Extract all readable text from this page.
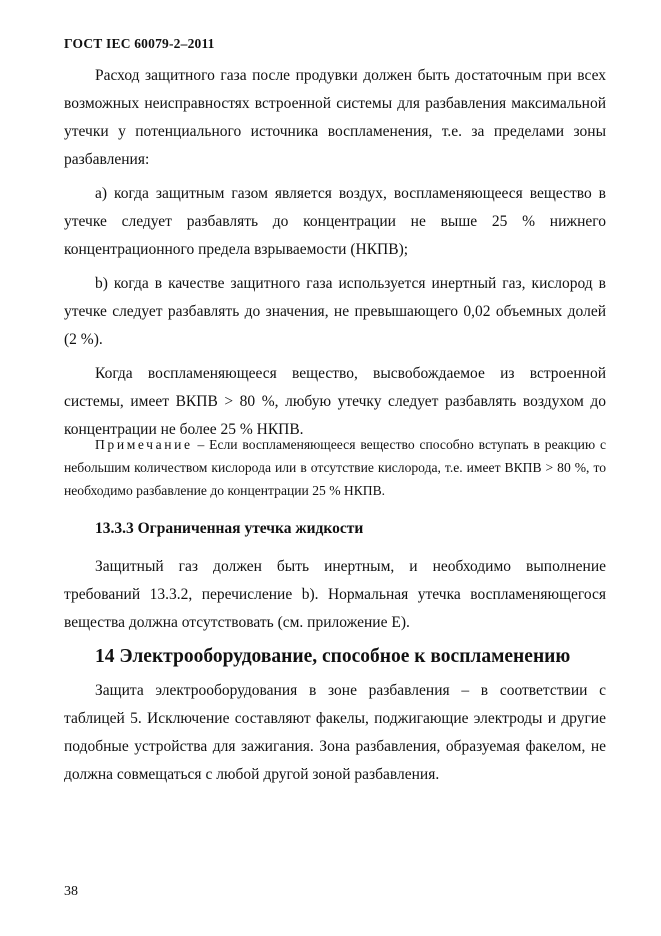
ГОСТ IEC 60079-2–2011

Расход защитного газа после продувки должен быть достаточным при всех возможных неисправностях встроенной системы для разбавления максимальной утечки у потенциального источника воспламенения, т.е. за пределами зоны разбавления:

а) когда защитным газом является воздух, воспламеняющееся вещество в утечке следует разбавлять до концентрации не выше 25 % нижнего концентрационного предела взрываемости (НКПВ);

b) когда в качестве защитного газа используется инертный газ, кислород в утечке следует разбавлять до значения, не превышающего 0,02 объемных долей (2 %).

Когда воспламеняющееся вещество, высвобождаемое из встроенной системы, имеет ВКПВ > 80 %, любую утечку следует разбавлять воздухом до концентрации не более 25 % НКПВ.

Примечание – Если воспламеняющееся вещество способно вступать в реакцию с небольшим количеством кислорода или в отсутствие кислорода, т.е. имеет ВКПВ > 80 %, то необходимо разбавление до концентрации 25 % НКПВ.

13.3.3 Ограниченная утечка жидкости

Защитный газ должен быть инертным, и необходимо выполнение требований 13.3.2, перечисление b). Нормальная утечка воспламеняющегося вещества должна отсутствовать (см. приложение Е).

14 Электрооборудование, способное к воспламенению

Защита электрооборудования в зоне разбавления – в соответствии с таблицей 5. Исключение составляют факелы, поджигающие электроды и другие подобные устройства для зажигания. Зона разбавления, образуемая факелом, не должна совмещаться с любой другой зоной разбавления.

38
